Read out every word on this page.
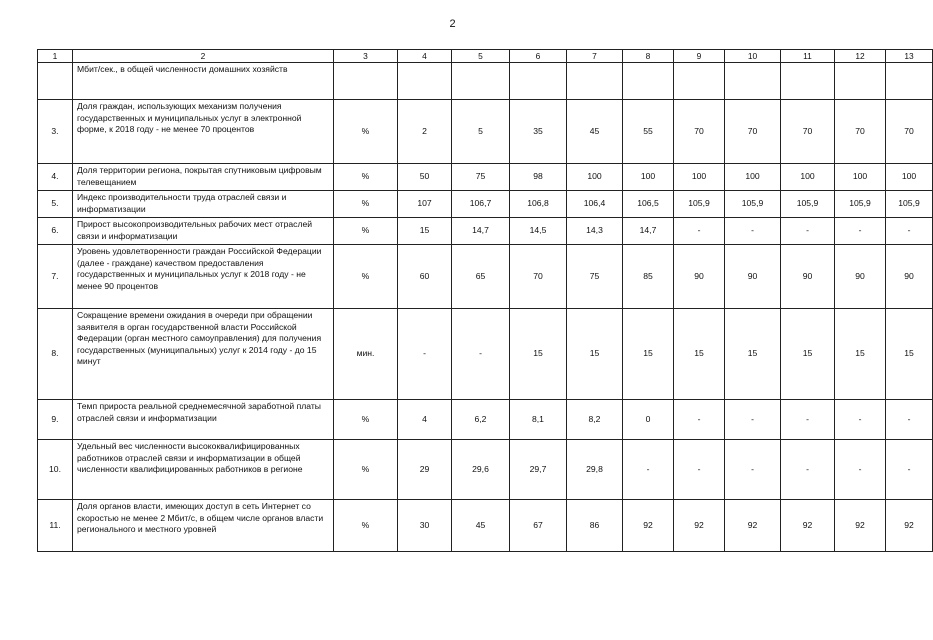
2
1	2	3	4	5	6	7	8	9	10	11	12	13
	Мбит/сек., в общей численности домашних хозяйств											
3.	Доля граждан, использующих механизм получения государственных и муниципальных услуг в электронной форме, к 2018 году - не менее 70 процентов	%	2	5	35	45	55	70	70	70	70	70
4.	Доля территории региона, покрытая спутниковым цифровым телевещанием	%	50	75	98	100	100	100	100	100	100	100
5.	Индекс производительности труда отраслей связи и информатизации	%	107	106,7	106,8	106,4	106,5	105,9	105,9	105,9	105,9	105,9
6.	Прирост высокопроизводительных рабочих мест отраслей связи и информатизации	%	15	14,7	14,5	14,3	14,7	-	-	-	-	-
7.	Уровень удовлетворенности граждан Российской Федерации (далее - граждане) качеством предоставления государственных и муниципальных услуг к 2018 году - не менее 90 процентов	%	60	65	70	75	85	90	90	90	90	90
8.	Сокращение времени ожидания в очереди при обращении заявителя в орган государственной власти Российской Федерации (орган местного самоуправления) для получения государственных (муниципальных) услуг к 2014 году - до 15 минут	мин.	-	-	15	15	15	15	15	15	15	15
9.	Темп прироста реальной среднемесячной заработной платы отраслей связи и информатизации	%	4	6,2	8,1	8,2	0	-	-	-	-	-
10.	Удельный вес численности высококвалифицированных работников отраслей связи и информатизации в общей численности квалифицированных работников в регионе	%	29	29,6	29,7	29,8	-	-	-	-	-	-
11.	Доля органов власти, имеющих доступ в сеть Интернет со скоростью не менее 2 Мбит/с, в общем числе органов власти регионального и местного уровней	%	30	45	67	86	92	92	92	92	92	92
